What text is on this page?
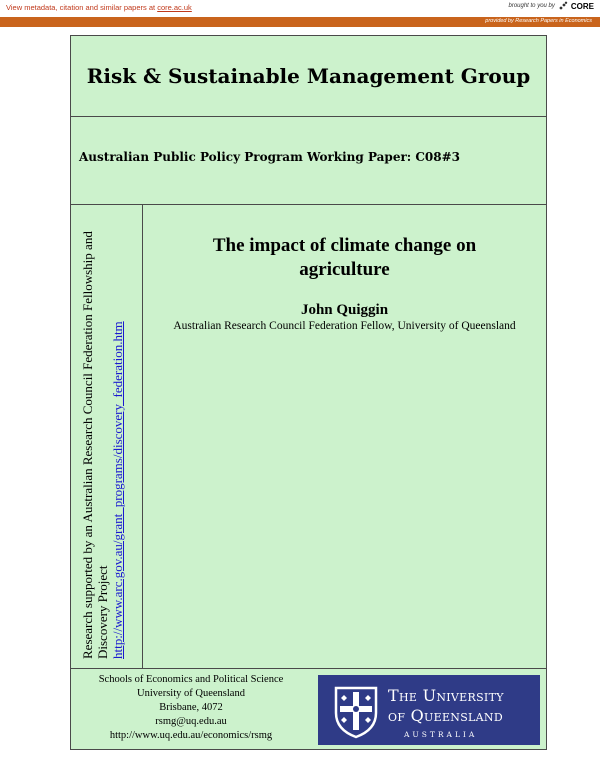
View metadata, citation and similar papers at core.ac.uk	brought to you by CORE
provided by Research Papers in Economics
Risk & Sustainable Management Group
Australian Public Policy Program Working Paper: C08#3
Research supported by an Australian Research Council Federation Fellowship and Discovery Project http://www.arc.gov.au/grant_programs/discovery_federation.htm
The impact of climate change on
agriculture
John Quiggin
Australian Research Council Federation Fellow, University of Queensland
Schools of Economics and Political Science
University of Queensland
Brisbane, 4072
rsmg@uq.edu.au
http://www.uq.edu.au/economics/rsmg
The University
of Queensland
AUSTRALIA
